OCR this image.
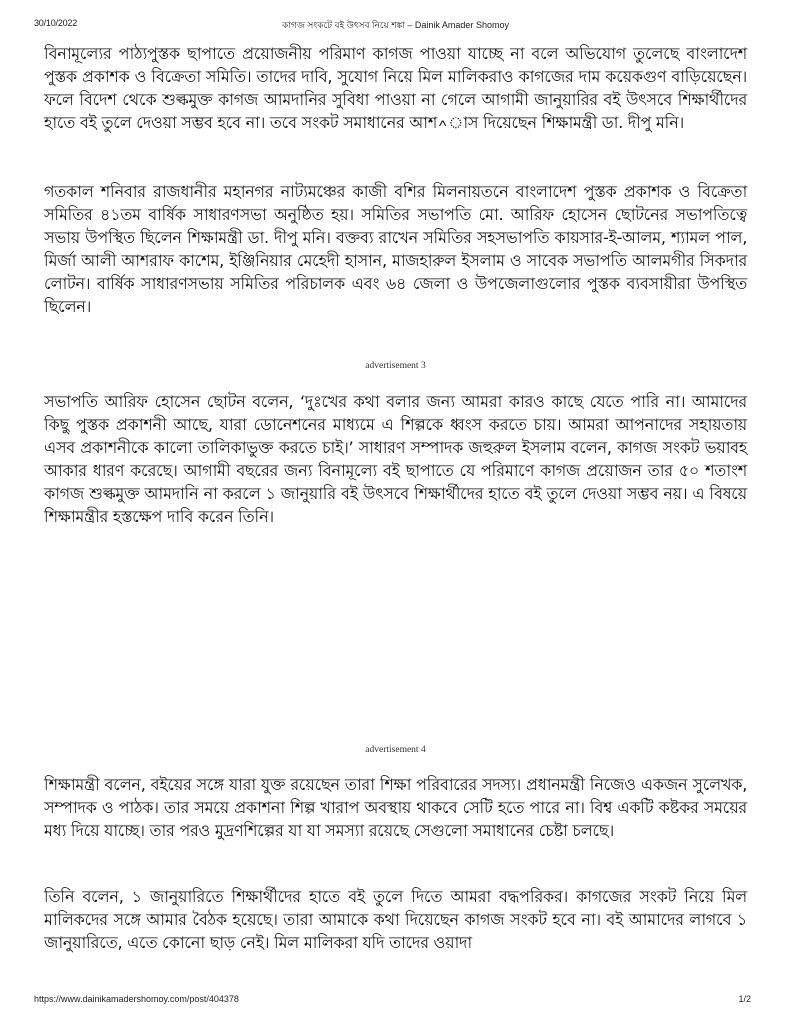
30/10/2022	কাগজ সংকটে বই উৎসব নিয়ে শঙ্কা – Dainik Amader Shomoy

বিনামূল্যের পাঠ্যপুস্তক ছাপাতে প্রয়োজনীয় পরিমাণ কাগজ পাওয়া যাচ্ছে না বলে অভিযোগ তুলেছে বাংলাদেশ পুস্তক প্রকাশক ও বিক্রেতা সমিতি। তাদের দাবি, সুযোগ নিয়ে মিল মালিকরাও কাগজের দাম কয়েকগুণ বাড়িয়েছেন। ফলে বিদেশ থেকে শুল্কমুক্ত কাগজ আমদানির সুবিধা পাওয়া না গেলে আগামী জানুয়ারির বই উৎসবে শিক্ষার্থীদের হাতে বই তুলে দেওয়া সম্ভব হবে না। তবে সংকট সমাধানের আশ^াস দিয়েছেন শিক্ষামন্ত্রী ডা. দীপু মনি।

গতকাল শনিবার রাজধানীর মহানগর নাট্যমঞ্চের কাজী বশির মিলনায়তনে বাংলাদেশ পুস্তক প্রকাশক ও বিক্রেতা সমিতির ৪১তম বার্ষিক সাধারণসভা অনুষ্ঠিত হয়। সমিতির সভাপতি মো. আরিফ হোসেন ছোটনের সভাপতিত্বে সভায় উপস্থিত ছিলেন শিক্ষামন্ত্রী ডা. দীপু মনি। বক্তব্য রাখেন সমিতির সহসভাপতি কায়সার-ই-আলম, শ্যামল পাল, মির্জা আলী আশরাফ কাশেম, ইঞ্জিনিয়ার মেহেদী হাসান, মাজহারুল ইসলাম ও সাবেক সভাপতি আলমগীর সিকদার লোটন। বার্ষিক সাধারণসভায় সমিতির পরিচালক এবং ৬৪ জেলা ও উপজেলাগুলোর পুস্তক ব্যবসায়ীরা উপস্থিত ছিলেন।

advertisement 3

সভাপতি আরিফ হোসেন ছোটন বলেন, ‘দুঃখের কথা বলার জন্য আমরা কারও কাছে যেতে পারি না। আমাদের কিছু পুস্তক প্রকাশনী আছে, যারা ডোনেশনের মাধ্যমে এ শিল্পকে ধ্বংস করতে চায়। আমরা আপনাদের সহায়তায় এসব প্রকাশনীকে কালো তালিকাভুক্ত করতে চাই।’ সাধারণ সম্পাদক জহুরুল ইসলাম বলেন, কাগজ সংকট ভয়াবহ আকার ধারণ করেছে। আগামী বছরের জন্য বিনামূল্যে বই ছাপাতে যে পরিমাণে কাগজ প্রয়োজন তার ৫০ শতাংশ কাগজ শুল্কমুক্ত আমদানি না করলে ১ জানুয়ারি বই উৎসবে শিক্ষার্থীদের হাতে বই তুলে দেওয়া সম্ভব নয়। এ বিষয়ে শিক্ষামন্ত্রীর হস্তক্ষেপ দাবি করেন তিনি।

advertisement 4

শিক্ষামন্ত্রী বলেন, বইয়ের সঙ্গে যারা যুক্ত রয়েছেন তারা শিক্ষা পরিবারের সদস্য। প্রধানমন্ত্রী নিজেও একজন সুলেখক, সম্পাদক ও পাঠক। তার সময়ে প্রকাশনা শিল্প খারাপ অবস্থায় থাকবে সেটি হতে পারে না। বিশ্ব একটি কষ্টকর সময়ের মধ্য দিয়ে যাচ্ছে। তার পরও মুদ্রণশিল্পের যা যা সমস্যা রয়েছে সেগুলো সমাধানের চেষ্টা চলছে।

তিনি বলেন, ১ জানুয়ারিতে শিক্ষার্থীদের হাতে বই তুলে দিতে আমরা বদ্ধপরিকর। কাগজের সংকট নিয়ে মিল মালিকদের সঙ্গে আমার বৈঠক হয়েছে। তারা আমাকে কথা দিয়েছেন কাগজ সংকট হবে না। বই আমাদের লাগবে ১ জানুয়ারিতে, এতে কোনো ছাড় নেই। মিল মালিকরা যদি তাদের ওয়াদা

https://www.dainikamadershomoy.com/post/404378	1/2
